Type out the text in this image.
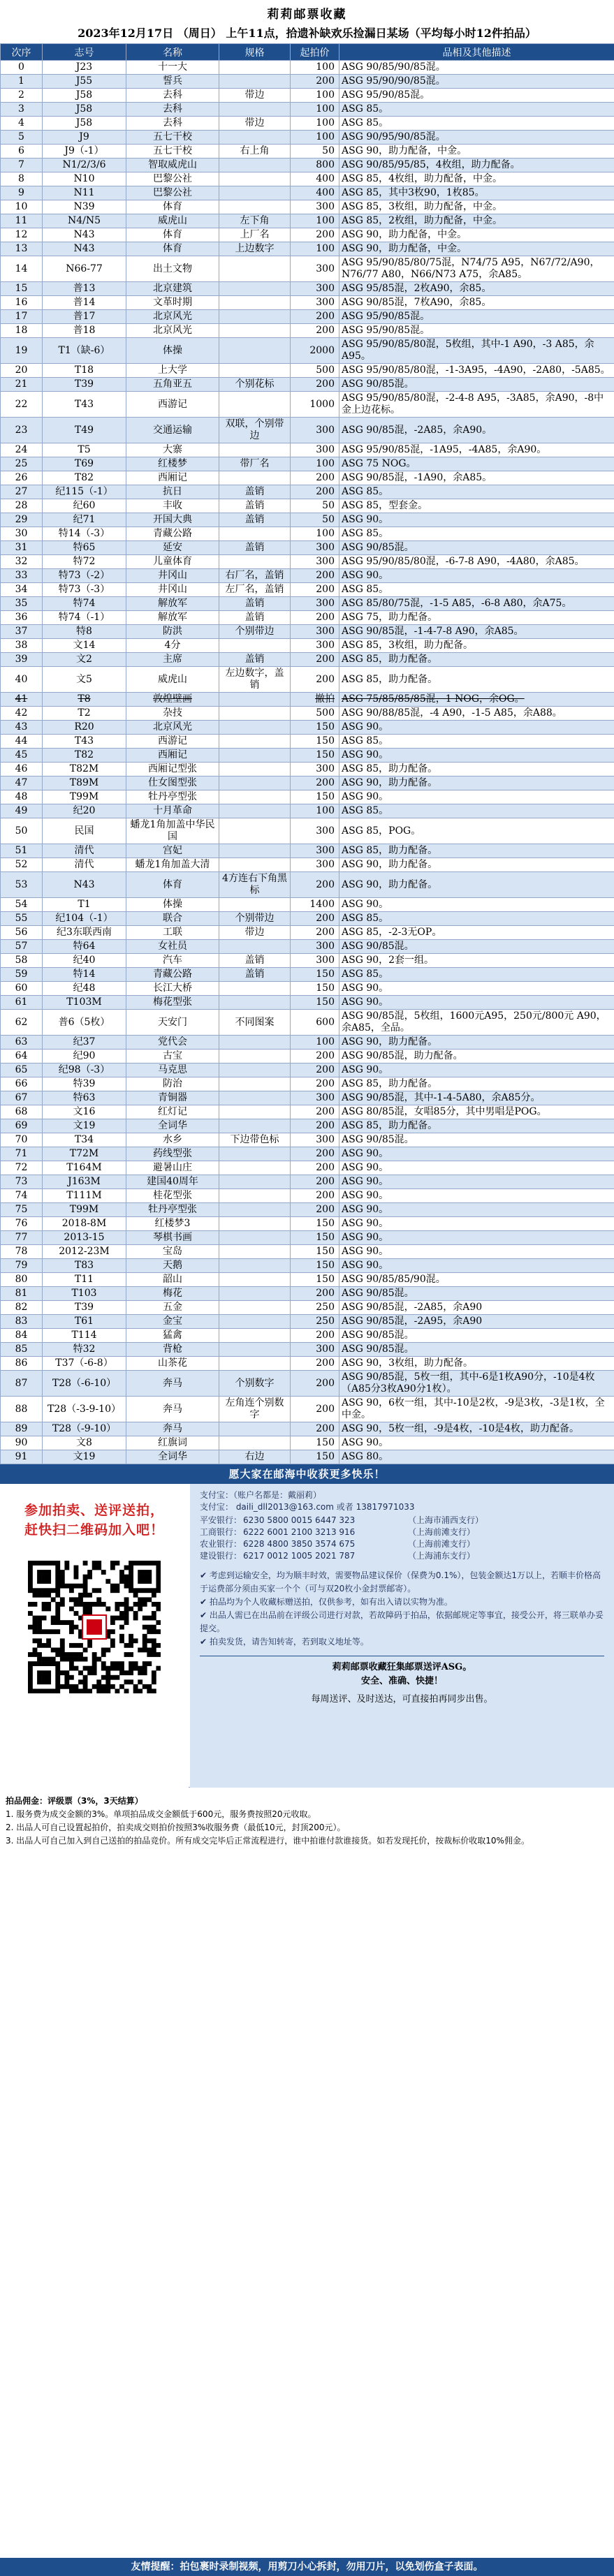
莉莉邮票收藏
2023年12月17日 （周日） 上午11点，拾遗补缺欢乐捡漏日某场（平均每小时12件拍品）
次序	志号	名称	规格	起拍价	品相及其他描述
0	J23	十一大		100	ASG 90/85/90/85混。
1	J55	誓兵		200	ASG 95/90/90/85混。
2	J58	去科	带边	100	ASG 95/90/85混。
3	J58	去科		100	ASG 85。
4	J58	去科	带边	100	ASG 85。
5	J9	五七干校		100	ASG 90/95/90/85混。
6	J9（-1）	五七干校	右上角	50	ASG 90，助力配备，中金。
7	N1/2/3/6	智取威虎山		800	ASG 90/85/95/85，4枚组，助力配备。
8	N10	巴黎公社		400	ASG 85，4枚组，助力配备，中金。
9	N11	巴黎公社		400	ASG 85，其中3枚90，1枚85。
10	N39	体育		300	ASG 85，3枚组，助力配备，中金。
11	N4/N5	威虎山	左下角	100	ASG 85，2枚组，助力配备，中金。
12	N43	体育	上厂名	200	ASG 90，助力配备，中金。
13	N43	体育	上边数字	100	ASG 90，助力配备，中金。
14	N66-77	出土文物		300	ASG 95/90/85/80/75混，N74/75 A95，N67/72/A90，N76/77 A80，N66/N73 A75，余A85。
15	普13	北京建筑		300	ASG 95/85混，2枚A90，余85。
16	普14	文革时期		300	ASG 90/85混，7枚A90，余85。
17	普17	北京风光		200	ASG 95/90/85混。
18	普18	北京风光		200	ASG 95/90/85混。
19	T1（缺-6）	体操		2000	ASG 95/90/85/80混，5枚组，其中-1 A90，-3 A85，余A95。
20	T18	上大学		500	ASG 95/90/85/80混，-1-3A95，-4A90，-2A80，-5A85。
21	T39	五角亚五	个别花标	200	ASG 90/85混。
22	T43	西游记		1000	ASG 95/90/85/80混，-2-4-8 A95，-3A85，余A90，-8中金上边花标。
23	T49	交通运输	双联，个别带边	300	ASG 90/85混，-2A85，余A90。
24	T5	大寨		300	ASG 95/90/85混，-1A95，-4A85，余A90。
25	T69	红楼梦	带厂名	100	ASG 75 NOG。
26	T82	西厢记		200	ASG 90/85混，-1A90，余A85。
27	纪115（-1）	抗日	盖销	200	ASG 85。
28	纪60	丰收	盖销	50	ASG 85，型套金。
29	纪71	开国大典	盖销	50	ASG 90。
30	特14（-3）	青藏公路		100	ASG 85。
31	特65	延安	盖销	300	ASG 90/85混。
32	特72	儿童体育		300	ASG 95/90/85/80混，-6-7-8 A90，-4A80，余A85。
33	特73（-2）	井冈山	右厂名，盖销	200	ASG 90。
34	特73（-3）	井冈山	左厂名，盖销	200	ASG 85。
35	特74	解放军	盖销	300	ASG 85/80/75混，-1-5 A85，-6-8 A80，余A75。
36	特74（-1）	解放军	盖销	200	ASG 75，助力配备。
37	特8	防洪	个别带边	300	ASG 90/85混，-1-4-7-8 A90，余A85。
38	文14	4分		300	ASG 85，3枚组，助力配备。
39	文2	主席	盖销	200	ASG 85，助力配备。
40	文5	威虎山	左边数字，盖销	200	ASG 85，助力配备。
41	T8	敦煌壁画		撤拍	ASG 75/85/85/85混，1 NOG，余OG。
42	T2	杂技		500	ASG 90/88/85混，-4 A90，-1-5 A85，余A88。
43	R20	北京风光		150	ASG 90。
44	T43	西游记		150	ASG 85。
45	T82	西厢记		150	ASG 90。
46	T82M	西厢记型张		300	ASG 85，助力配备。
47	T89M	仕女图型张		200	ASG 90，助力配备。
48	T99M	牡丹亭型张		150	ASG 90。
49	纪20	十月革命		100	ASG 85。
50	民国	蟠龙1角加盖中华民国		300	ASG 85，POG。
51	清代	宫妃		300	ASG 85，助力配备。
52	清代	蟠龙1角加盖大清		300	ASG 90，助力配备。
53	N43	体育	4方连右下角黑标	200	ASG 90，助力配备。
54	T1	体操		1400	ASG 90。
55	纪104（-1）	联合	个别带边	200	ASG 85。
56	纪3东联西南	工联	带边	200	ASG 85，-2-3无OP。
57	特64	女社员		300	ASG 90/85混。
58	纪40	汽车	盖销	300	ASG 90，2套一组。
59	特14	青藏公路	盖销	150	ASG 85。
60	纪48	长江大桥		150	ASG 90。
61	T103M	梅花型张		150	ASG 90。
62	普6（5枚）	天安门	不同图案	600	ASG 90/85混，5枚组，1600元A95，250元/800元 A90，余A85，全品。
63	纪37	党代会		100	ASG 90，助力配备。
64	纪90	古宝		200	ASG 90/85混，助力配备。
65	纪98（-3）	马克思		200	ASG 90。
66	特39	防治		200	ASG 85，助力配备。
67	特63	青铜器		300	ASG 90/85混，其中-1-4-5A80，余A85分。
68	文16	红灯记		200	ASG 80/85混，女唱85分，其中男唱是POG。
69	文19	全词华		200	ASG 85，助力配备。
70	T34	水乡	下边带色标	300	ASG 90/85混。
71	T72M	药线型张		200	ASG 90。
72	T164M	避暑山庄		200	ASG 90。
73	J163M	建国40周年		200	ASG 90。
74	T111M	桂花型张		200	ASG 90。
75	T99M	牡丹亭型张		200	ASG 90。
76	2018-8M	红楼梦3		150	ASG 90。
77	2013-15	琴棋书画		150	ASG 90。
78	2012-23M	宝岛		150	ASG 90。
79	T83	天鹅		150	ASG 90。
80	T11	韶山		150	ASG 90/85/85/90混。
81	T103	梅花		200	ASG 90/85混。
82	T39	五金		250	ASG 90/85混，-2A85，余A90
83	T61	金宝		250	ASG 90/85混，-2A95，余A90
84	T114	猛禽		200	ASG 90/85混。
85	特32	背枪		300	ASG 90/85混。
86	T37（-6-8）	山茶花		200	ASG 90，3枚组，助力配备。
87	T28（-6-10）	奔马	个别数字	200	ASG 90/85混，5枚一组，其中-6是1枚A90分，-10是4枚（A85分3枚A90分1枚）。
88	T28（-3-9-10）	奔马	左角连个别数字	200	ASG 90，6枚一组，其中-10是2枚，-9是3枚，-3是1枚，全中金。
89	T28（-9-10）	奔马		200	ASG 90，5枚一组，-9是4枚，-10是4枚，助力配备。
90	文8	红旗词		150	ASG 90。
91	文19	全词华	右边	150	ASG 80。
愿大家在邮海中收获更多快乐！
参加拍卖、送评送拍，
赶快扫二维码加入吧！
支付宝：（账户名都是：戴丽莉）
支付宝： daili_dll2013@163.com 或者 13817971033
平安银行： 6230 5800 0015 6447 323	（上海市浦西支行）
工商银行： 6222 6001 2100 3213 916	（上海前滩支行）
农业银行： 6228 4800 3850 3574 675	（上海前滩支行）
建设银行： 6217 0012 1005 2021 787	（上海浦东支行）
✔ 考虑到运输安全，均为顺丰时效，需要物品建议保价（保费为0.1%），包装金额达1万以上，若顺丰价格高于运费部分须由买家一个个（可与双20枚小金封票邮寄）。
✔ 拍品均为个人收藏标赠送拍，仅供参考，如有出入请以实物为准。
✔ 出品人需已在出品前在评级公司进行对款，若故障码于拍品，依据邮规定等事宜，接受公开，将三联单办妥提交。
✔ 拍卖发货，请告知转寄，若到取义地址等。
莉莉邮票收藏狂集邮票送评ASG。
安全、准确、快捷！
每周送评、及时送达，可直接拍再同步出售。
拍品佣金：评级票（3%，3天结算）
1. 服务费为成交金额的3%。单项拍品成交金额低于600元，服务费按照20元收取。
2. 出品人可自己设置起拍价，拍卖成交则拍价按照3%收服务费（最低10元，封顶200元）。
3. 出品人可自己加入到自己送拍的拍品竞价。所有成交完毕后正常流程进行，谁中拍谁付款谁接货。如若发现托价，按裁标价收取10%佣金。
友情提醒：拍包裹时录制视频，用剪刀小心拆封，勿用刀片，以免划伤盒子表面。
